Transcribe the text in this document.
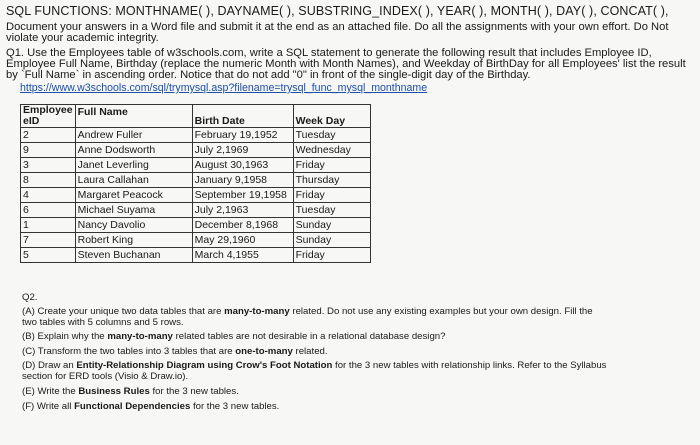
SQL FUNCTIONS: MONTHNAME( ), DAYNAME( ), SUBSTRING_INDEX( ), YEAR( ), MONTH( ), DAY( ), CONCAT( ),
Document your answers in a Word file and submit it at the end as an attached file. Do all the assignments with your own effort. Do Not
violate your academic integrity.
Q1. Use the Employees table of w3schools.com, write a SQL statement to generate the following result that includes Employee ID,
Employee Full Name, Birthday (replace the numeric Month with Month Names), and Weekday of BirthDay for all Employees' list the result
by `Full Name` in ascending order. Notice that do not add "0" in front of the single-digit day of the Birthday.
https://www.w3schools.com/sql/trymysql.asp?filename=trysql_func_mysql_monthname
Employee
eID	Full Name	Birth Date	Week Day
2	Andrew Fuller	February 19,1952	Tuesday
9	Anne Dodsworth	July 2,1969	Wednesday
3	Janet Leverling	August 30,1963	Friday
8	Laura Callahan	January 9,1958	Thursday
4	Margaret Peacock	September 19,1958	Friday
6	Michael Suyama	July 2,1963	Tuesday
1	Nancy Davolio	December 8,1968	Sunday
7	Robert King	May 29,1960	Sunday
5	Steven Buchanan	March 4,1955	Friday
Q2.
(A) Create your unique two data tables that are many-to-many related. Do not use any existing examples but your own design. Fill the
two tables with 5 columns and 5 rows.
(B) Explain why the many-to-many related tables are not desirable in a relational database design?
(C) Transform the two tables into 3 tables that are one-to-many related.
(D) Draw an Entity-Relationship Diagram using Crow's Foot Notation for the 3 new tables with relationship links. Refer to the Syllabus
section for ERD tools (Visio & Draw.io).
(E) Write the Business Rules for the 3 new tables.
(F) Write all Functional Dependencies for the 3 new tables.
